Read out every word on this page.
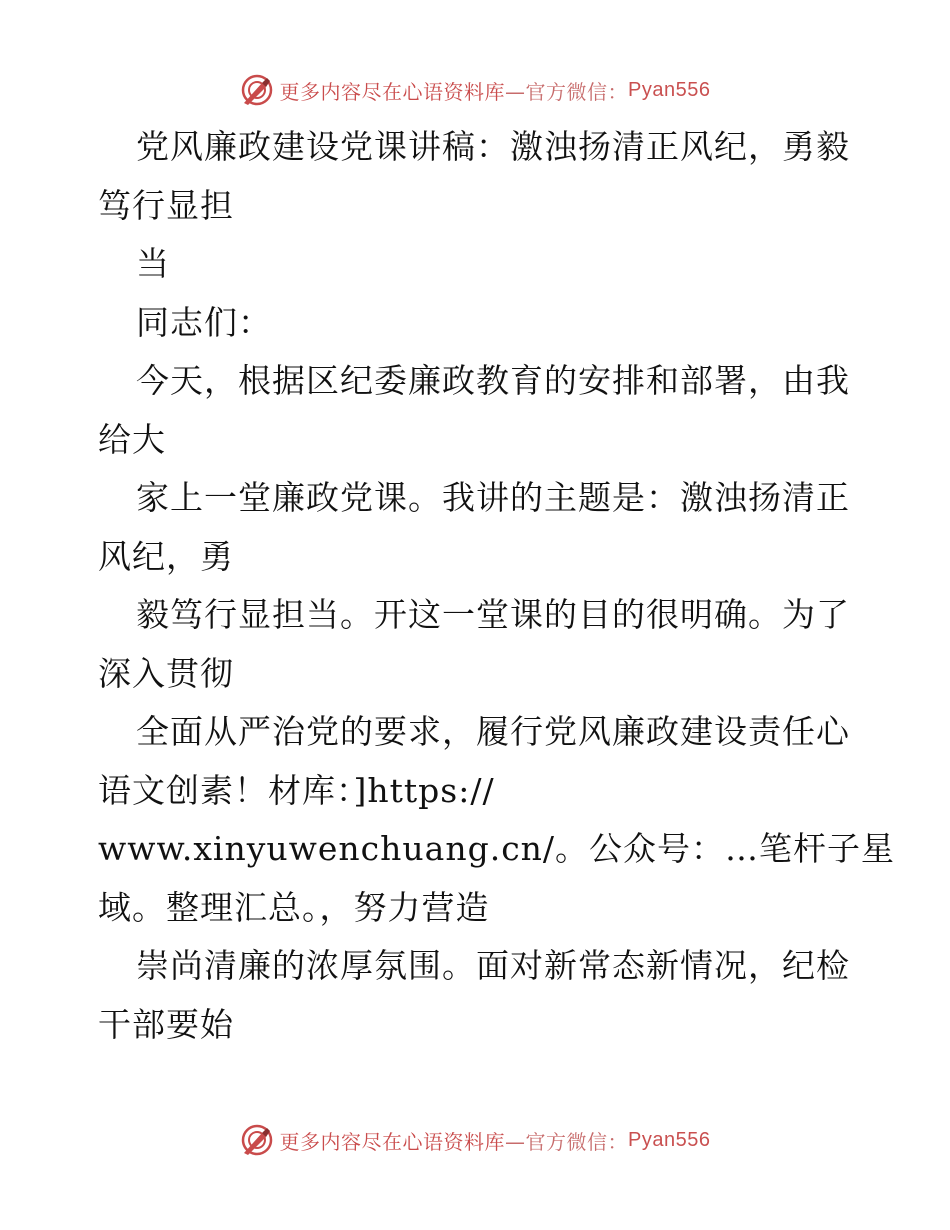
更多内容尽在心语资料库 —官方微信： Pyan556
党风廉政建设党课讲稿：激浊扬清正风纪，勇毅
笃行显担
当
同志们：
今天，根据区纪委廉政教育的安排和部署，由我
给大
家上一堂廉政党课。我讲的主题是：激浊扬清正
风纪，勇
毅笃行显担当。开这一堂课的目的很明确。为了
深入贯彻
全面从严治党的要求，履行党风廉政建设责任心
语文创素！材库：]https://
www.xinyuwenchuang.cn/。公众号：…笔杆子星
域。整理汇总。，努力营造
崇尚清廉的浓厚氛围。面对新常态新情况，纪检
干部要始
更多内容尽在心语资料库 —官方微信： Pyan556
